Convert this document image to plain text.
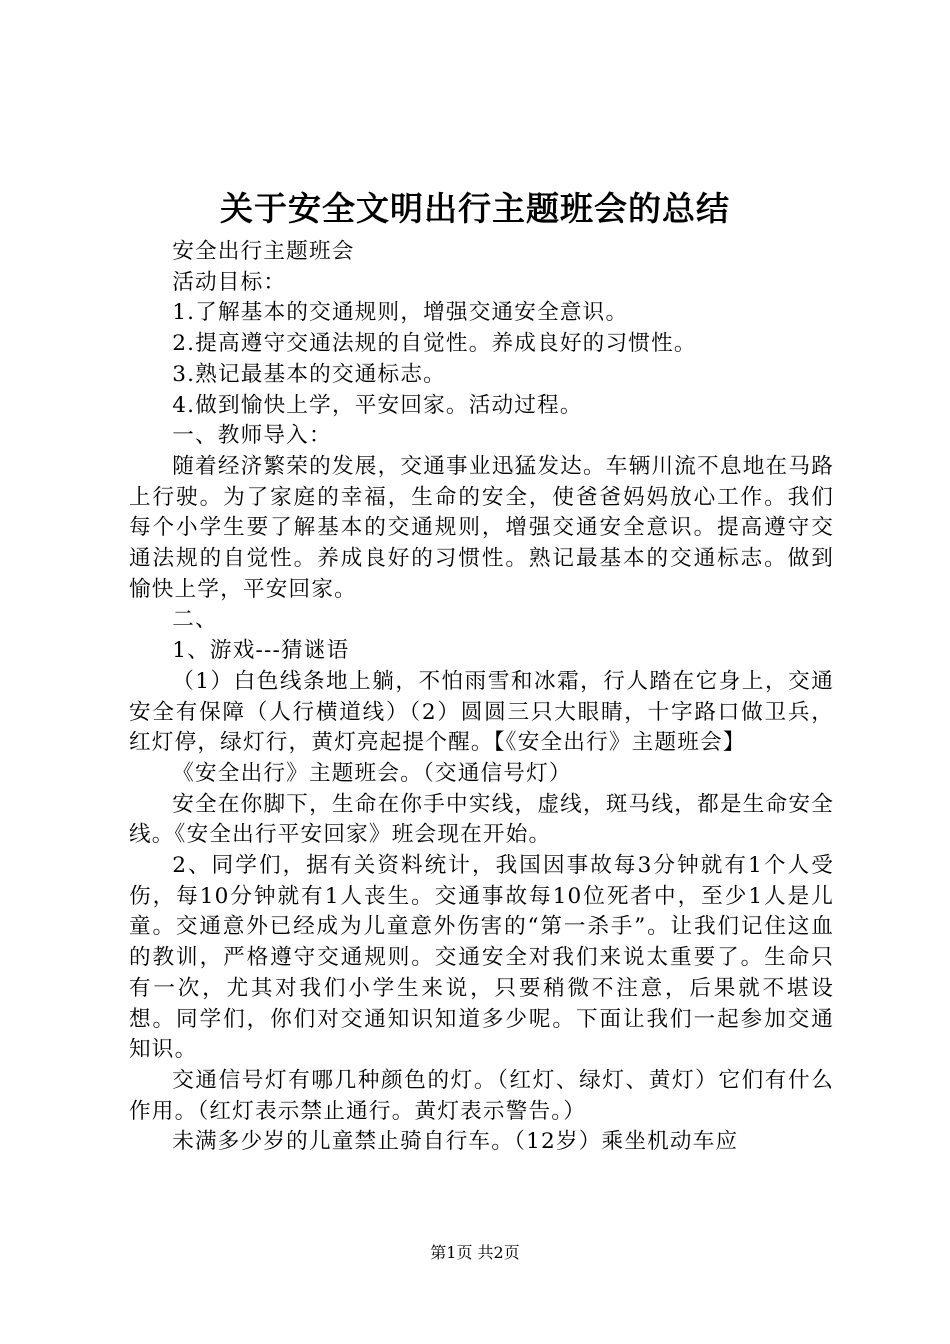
关于安全文明出行主题班会的总结

安全出行主题班会

活动目标：

1.了解基本的交通规则，增强交通安全意识。

2.提高遵守交通法规的自觉性。养成良好的习惯性。

3.熟记最基本的交通标志。

4.做到愉快上学，平安回家。活动过程。

一、教师导入：

随着经济繁荣的发展，交通事业迅猛发达。车辆川流不息地在马路上行驶。为了家庭的幸福，生命的安全，使爸爸妈妈放心工作。我们每个小学生要了解基本的交通规则，增强交通安全意识。提高遵守交通法规的自觉性。养成良好的习惯性。熟记最基本的交通标志。做到愉快上学，平安回家。

二、

1、游戏---猜谜语

（1）白色线条地上躺，不怕雨雪和冰霜，行人踏在它身上，交通安全有保障（人行横道线）（2）圆圆三只大眼睛，十字路口做卫兵，红灯停，绿灯行，黄灯亮起提个醒。【《安全出行》主题班会】

《安全出行》主题班会。（交通信号灯）

安全在你脚下，生命在你手中实线，虚线，斑马线，都是生命安全线。《安全出行平安回家》班会现在开始。

2、同学们，据有关资料统计，我国因事故每3分钟就有1个人受伤，每10分钟就有1人丧生。交通事故每10位死者中，至少1人是儿童。交通意外已经成为儿童意外伤害的“第一杀手”。让我们记住这血的教训，严格遵守交通规则。交通安全对我们来说太重要了。生命只有一次，尤其对我们小学生来说，只要稍微不注意，后果就不堪设想。同学们，你们对交通知识知道多少呢。下面让我们一起参加交通知识。

交通信号灯有哪几种颜色的灯。（红灯、绿灯、黄灯）它们有什么作用。（红灯表示禁止通行。黄灯表示警告。）

未满多少岁的儿童禁止骑自行车。（12岁）乘坐机动车应

第1页 共2页
